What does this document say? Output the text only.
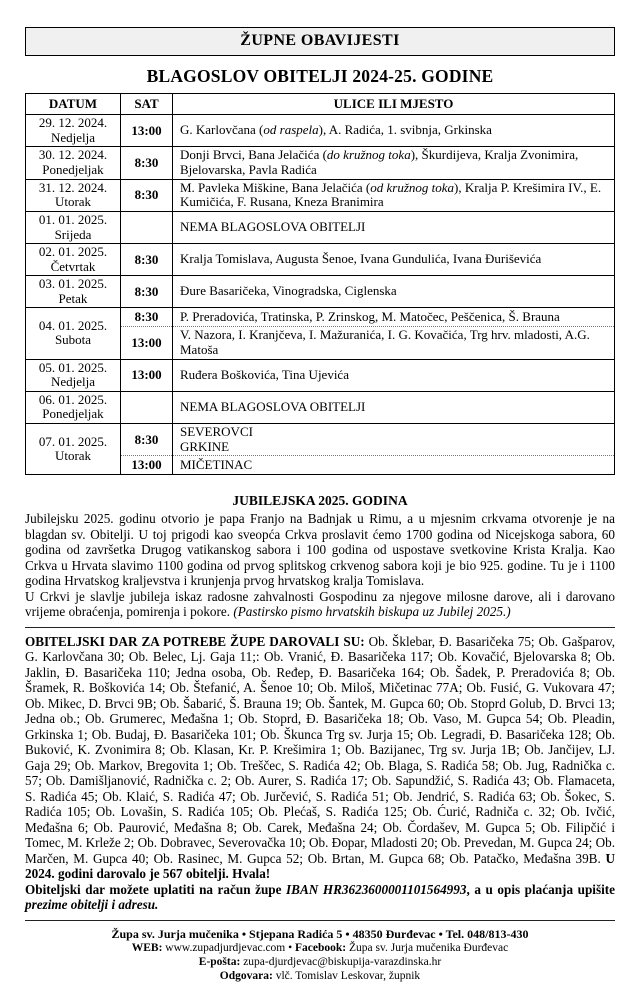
ŽUPNE OBAVIJESTI
BLAGOSLOV OBITELJI 2024-25. GODINE
DATUM	SAT	ULICE ILI MJESTO

29. 12. 2024.
Nedjelja	13:00	G. Karlovčana (od raspela), A. Radića, 1. svibnja, Grkinska

30. 12. 2024.
Ponedjeljak	8:30	Donji Brvci, Bana Jelačića (do kružnog toka), Škurdijeva, Kralja Zvonimira, Bjelovarska, Pavla Radića

31. 12. 2024.
Utorak	8:30	M. Pavleka Miškine, Bana Jelačića (od kružnog toka), Kralja P. Krešimira IV., E. Kumičića, F. Rusana, Kneza Branimira

01. 01. 2025.
Srijeda		NEMA BLAGOSLOVA OBITELJI

02. 01. 2025.
Četvrtak	8:30	Kralja Tomislava, Augusta Šenoe, Ivana Gundulića, Ivana Đuriševića

03. 01. 2025.
Petak	8:30	Đure Basaričeka, Vinogradska, Ciglenska

04. 01. 2025.
Subota	8:30	P. Preradovića, Tratinska, P. Zrinskog, M. Matočec, Peščenica, Š. Brauna
	13:00	V. Nazora, I. Kranjčeva, I. Mažuranića, I. G. Kovačića, Trg hrv. mladosti, A.G. Matoša

05. 01. 2025.
Nedjelja	13:00	Ruđera Boškovića, Tina Ujevića

06. 01. 2025.
Ponedjeljak		NEMA BLAGOSLOVA OBITELJI

07. 01. 2025.
Utorak
	8:30	SEVEROVCI
GRKINE
	13:00	MIČETINAC
JUBILEJSKA 2025. GODINA

Jubilejsku 2025. godinu otvorio je papa Franjo na Badnjak u Rimu, a u mjesnim crkvama otvorenje je na blagdan sv. Obitelji. U toj prigodi kao sveopća Crkva proslavit ćemo 1700 godina od Nicejskoga sabora, 60 godina od završetka Drugog vatikanskog sabora i 100 godina od uspostave svetkovine Krista Kralja. Kao Crkva u Hrvata slavimo 1100 godina od prvog splitskog crkvenog sabora koji je bio 925. godine. Tu je i 1100 godina Hrvatskog kraljevstva i krunjenja prvog hrvatskog kralja Tomislava.

U Crkvi je slavlje jubileja iskaz radosne zahvalnosti Gospodinu za njegove milosne darove, ali i darovano vrijeme obraćenja, pomirenja i pokore. (Pastirsko pismo hrvatskih biskupa uz Jubilej 2025.)

OBITELJSKI DAR ZA POTREBE ŽUPE DAROVALI SU: Ob. Šklebar, Đ. Basaričeka 75; Ob. Gašparov, G. Karlovčana 30; Ob. Belec, Lj. Gaja 11;: Ob. Vranić, Đ. Basaričeka 117; Ob. Kovačić, Bjelovarska 8; Ob. Jaklin, Đ. Basaričeka 110; Jedna osoba, Ob. Ređep, Đ. Basaričeka 164; Ob. Šadek, P. Preradovića 8; Ob. Šramek, R. Boškovića 14; Ob. Štefanić, A. Šenoe 10; Ob. Miloš, Mičetinac 77A; Ob. Fusić, G. Vukovara 47; Ob. Mikec, D. Brvci 9B; Ob. Šabarić, Š. Brauna 19; Ob. Šantek, M. Gupca 60; Ob. Stoprd Golub, D. Brvci 13; Jedna ob.; Ob. Grumerec, Međašna 1; Ob. Stoprd, Đ. Basaričeka 18; Ob. Vaso, M. Gupca 54; Ob. Pleadin, Grkinska 1; Ob. Budaj, Đ. Basaričeka 101; Ob. Škunca Trg sv. Jurja 15; Ob. Legradi, Đ. Basaričeka 128; Ob. Buković, K. Zvonimira 8; Ob. Klasan, Kr. P. Krešimira 1; Ob. Bazijanec, Trg sv. Jurja 1B; Ob. Jančijev, LJ. Gaja 29; Ob. Markov, Bregovita 1; Ob. Treščec, S. Radića 42; Ob. Blaga, S. Radića 58; Ob. Jug, Radnička c. 57; Ob. Damišljanović, Radnička c. 2; Ob. Aurer, S. Radića 17; Ob. Sapundžić, S. Radića 43; Ob. Flamaceta, S. Radića 45; Ob. Klaić, S. Radića 47; Ob. Jurčević, S. Radića 51; Ob. Jendrić, S. Radića 63; Ob. Šokec, S. Radića 105; Ob. Lovašin, S. Radića 105; Ob. Plećaš, S. Radića 125; Ob. Ćurić, Radniča c. 32; Ob. Ivčić, Međašna 6; Ob. Paurović, Međašna 8; Ob. Carek, Međašna 24; Ob. Čordašev, M. Gupca 5; Ob. Filipčić i Tomec, M. Krleže 2; Ob. Dobravec, Severovačka 10; Ob. Đopar, Mladosti 20; Ob. Prevedan, M. Gupca 24; Ob. Marčen, M. Gupca 40; Ob. Rasinec, M. Gupca 52; Ob. Brtan, M. Gupca 68; Ob. Patačko, Međašna 39B. U 2024. godini darovalo je 567 obitelji. Hvala!

Obiteljski dar možete uplatiti na račun župe IBAN HR3623600001101564993, a u opis plaćanja upišite prezime obitelji i adresu.

Župa sv. Jurja mučenika • Stjepana Radića 5 • 48350 Đurđevac • Tel. 048/813-430
WEB: www.zupadjurdjevac.com • Facebook: Župa sv. Jurja mučenika Đurđevac
E-pošta: zupa-djurdjevac@biskupija-varazdinska.hr
Odgovara: vlč. Tomislav Leskovar, župnik
